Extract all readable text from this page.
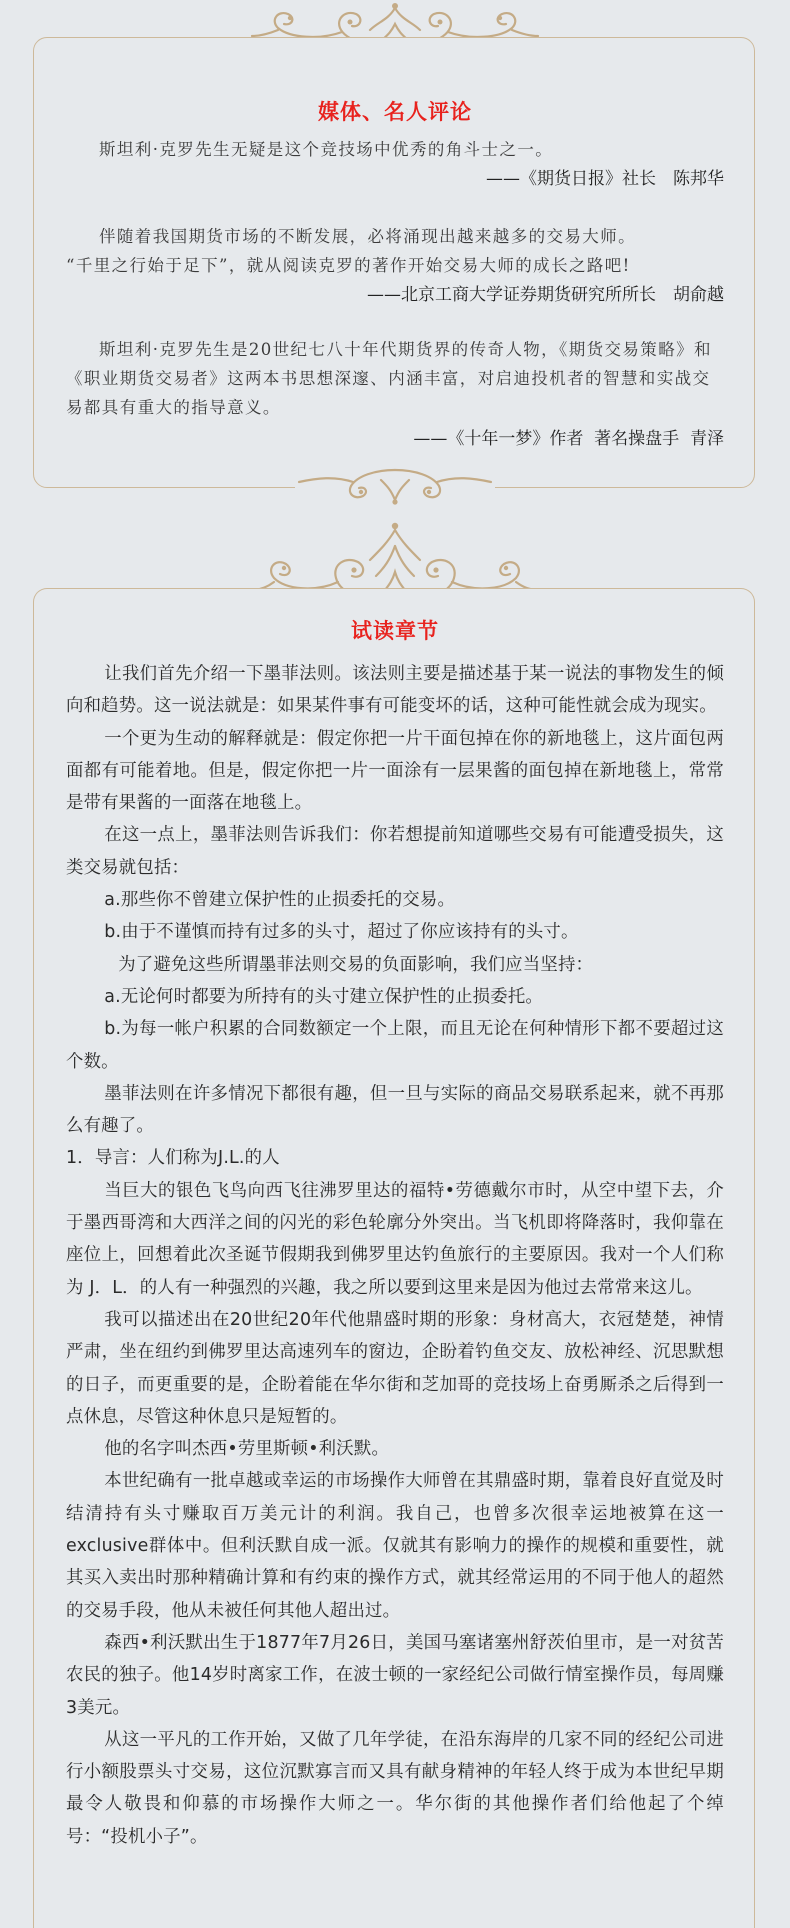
媒体、名人评论
斯坦利·克罗先生无疑是这个竞技场中优秀的角斗士之一。
——《期货日报》社长　陈邦华
伴随着我国期货市场的不断发展，必将涌现出越来越多的交易大师。
“千里之行始于足下”，就从阅读克罗的著作开始交易大师的成长之路吧!
——北京工商大学证券期货研究所所长　胡俞越
斯坦利·克罗先生是20世纪七八十年代期货界的传奇人物，《期货交易策略》和《职业期货交易者》这两本书思想深邃、内涵丰富，对启迪投机者的智慧和实战交易都具有重大的指导意义。
——《十年一梦》作者  著名操盘手  青泽
试读章节

让我们首先介绍一下墨菲法则。该法则主要是描述基于某一说法的事物发生的倾向和趋势。这一说法就是：如果某件事有可能变坏的话，这种可能性就会成为现实。

一个更为生动的解释就是：假定你把一片干面包掉在你的新地毯上，这片面包两面都有可能着地。但是，假定你把一片一面涂有一层果酱的面包掉在新地毯上，常常是带有果酱的一面落在地毯上。

在这一点上，墨菲法则告诉我们：你若想提前知道哪些交易有可能遭受损失，这类交易就包括：

a.那些你不曾建立保护性的止损委托的交易。

b.由于不谨慎而持有过多的头寸，超过了你应该持有的头寸。

为了避免这些所谓墨菲法则交易的负面影响，我们应当坚持：

a.无论何时都要为所持有的头寸建立保护性的止损委托。

b.为每一帐户积累的合同数额定一个上限，而且无论在何种情形下都不要超过这个数。

墨菲法则在许多情况下都很有趣，但一旦与实际的商品交易联系起来，就不再那么有趣了。

1．导言：人们称为J.L.的人

当巨大的银色飞鸟向西飞往沸罗里达的福特•劳德戴尔市时，从空中望下去，介于墨西哥湾和大西洋之间的闪光的彩色轮廓分外突出。当飞机即将降落时，我仰靠在座位上，回想着此次圣诞节假期我到佛罗里达钓鱼旅行的主要原因。我对一个人们称为 J．L．的人有一种强烈的兴趣，我之所以要到这里来是因为他过去常常来这儿。

我可以描述出在20世纪20年代他鼎盛时期的形象：身材高大，衣冠楚楚，神情严肃，坐在纽约到佛罗里达高速列车的窗边，企盼着钓鱼交友、放松神经、沉思默想的日子，而更重要的是，企盼着能在华尔街和芝加哥的竞技场上奋勇厮杀之后得到一点休息，尽管这种休息只是短暂的。

他的名字叫杰西•劳里斯顿•利沃默。

本世纪确有一批卓越或幸运的市场操作大师曾在其鼎盛时期，靠着良好直觉及时结清持有头寸赚取百万美元计的利润。我自己，也曾多次很幸运地被算在这一exclusive群体中。但利沃默自成一派。仅就其有影响力的操作的规模和重要性，就其买入卖出时那种精确计算和有约束的操作方式，就其经常运用的不同于他人的超然的交易手段，他从未被任何其他人超出过。

森西•利沃默出生于1877年7月26日，美国马塞诸塞州舒茨伯里市，是一对贫苦农民的独子。他14岁时离家工作，在波士顿的一家经纪公司做行情室操作员，每周赚3美元。

从这一平凡的工作开始，又做了几年学徒，在沿东海岸的几家不同的经纪公司进行小额股票头寸交易，这位沉默寡言而又具有献身精神的年轻人终于成为本世纪早期最令人敬畏和仰慕的市场操作大师之一。华尔街的其他操作者们给他起了个绰号：“投机小子”。
